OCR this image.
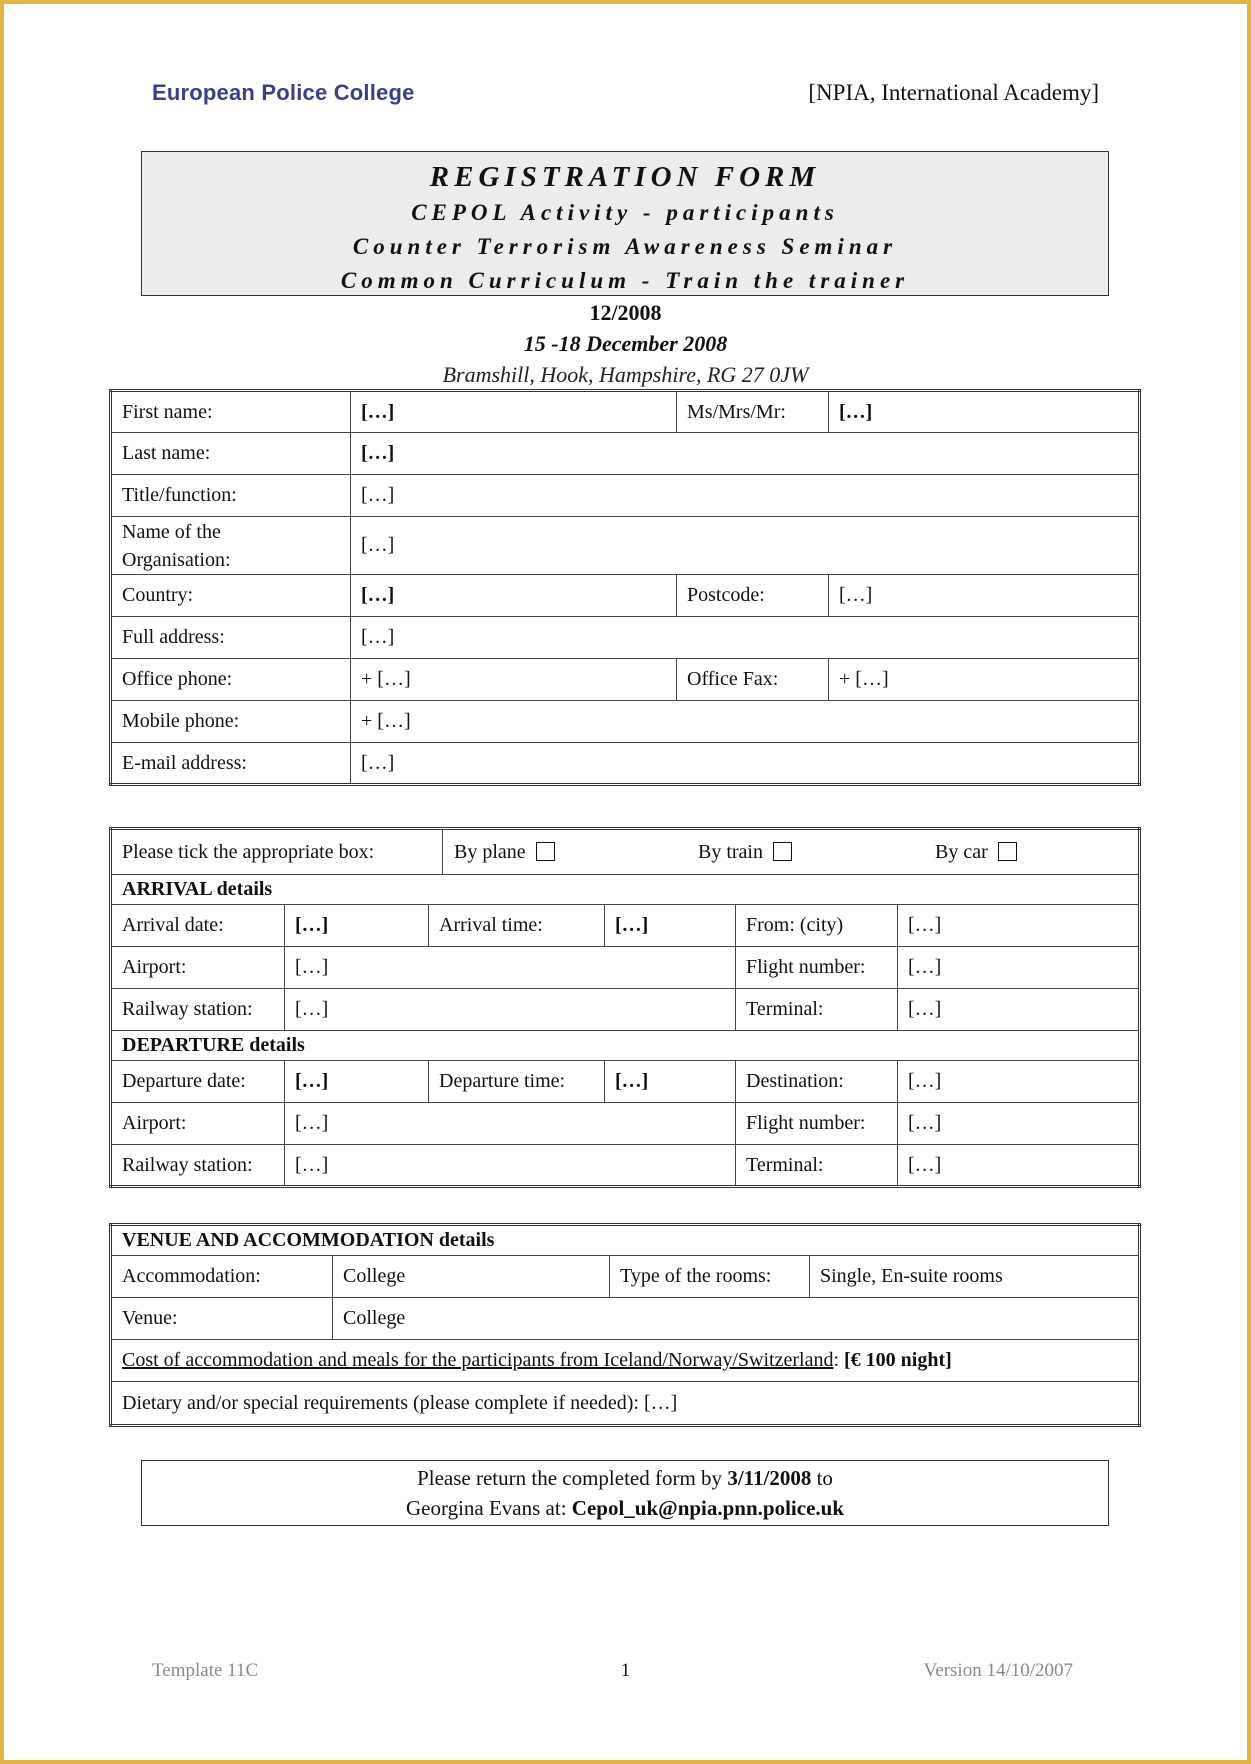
European Police College	[NPIA, International Academy]
REGISTRATION FORM
CEPOL Activity - participants
Counter Terrorism Awareness Seminar
Common Curriculum - Train the trainer
12/2008
15 -18 December 2008
Bramshill, Hook, Hampshire, RG 27 0JW
First name:	[…]	Ms/Mrs/Mr:	[…]
Last name:	[…]		
Title/function:	[…]		

Name of the
Organisation:	[…]		
Country:	[…]	Postcode:	[…]
Full address:	[…]		
Office phone:	+ […]	Office Fax:	+ […]
Mobile phone:	+ […]		
E-mail address:	[…]		
Please tick the appropriate box: By plane By train By car					

ARRIVAL details					
Arrival date:	[…]	Arrival time:	[…]	From: (city)	[…]
Airport:	[…]			Flight number:	[…]
Railway station:	[…]			Terminal:	[…]
DEPARTURE details					
Departure date:	[…]	Departure time:	[…]	Destination:	[…]
Airport:	[…]			Flight number:	[…]
Railway station:	[…]			Terminal:	[…]
VENUE AND ACCOMMODATION details			
Accommodation:	College	Type of the rooms:	Single, En-suite rooms
Venue:	College		
Cost of accommodation and meals for the participants from Iceland/Norway/Switzerland: [€ 100 night]			
Dietary and/or special requirements (please complete if needed): […]			
Please return the completed form by 3/11/2008 to
Georgina Evans at: Cepol_uk@npia.pnn.police.uk
Template 11C	1	Version 14/10/2007
